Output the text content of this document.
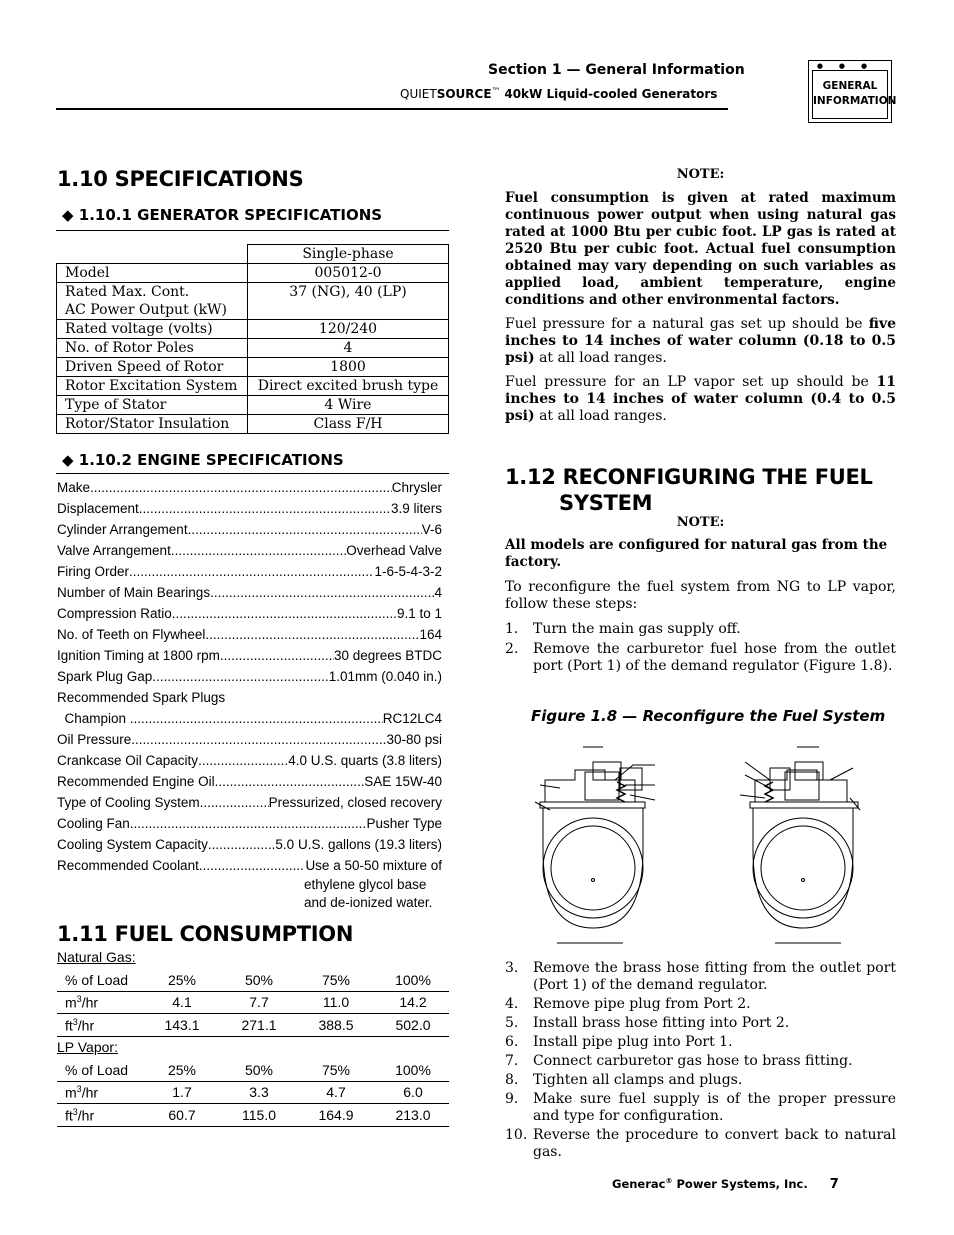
Section 1 — General Information
QUIETSOURCE™ 40kW Liquid-cooled Generators
●●●
GENERAL
INFORMATION
1.10 SPECIFICATIONS
◆ 1.10.1 GENERATOR SPECIFICATIONS
	Single-phase
Model	005012-0

Rated Max. Cont.
AC Power Output (kW)	37 (NG), 40 (LP)
Rated voltage (volts)	120/240
No. of Rotor Poles	4
Driven Speed of Rotor	1800
Rotor Excitation System	Direct excited brush type
Type of Stator	4 Wire
Rotor/Stator Insulation	Class F/H
◆ 1.10.2 ENGINE SPECIFICATIONS
Make .....	Chrysler
Displacement .....	3.9 liters
Cylinder Arrangement .....	V-6
Valve Arrangement .....	Overhead Valve
Firing Order .....	1-6-5-4-3-2
Number of Main Bearings .....	4
Compression Ratio .....	9.1 to 1
No. of Teeth on Flywheel .....	164
Ignition Timing at 1800 rpm .....	30 degrees BTDC
Spark Plug Gap .....	1.01mm (0.040 in.)
Recommended Spark Plugs
Champion .....	RC12LC4
Oil Pressure .....	30-80 psi
Crankcase Oil Capacity .....	4.0 U.S. quarts (3.8 liters)
Recommended Engine Oil .....	SAE 15W-40
Type of Cooling System .....	Pressurized, closed recovery
Cooling Fan .....	Pusher Type
Cooling System Capacity .....	5.0 U.S. gallons (19.3 liters)
Recommended Coolant .....	Use a 50-50 mixture of
ethylene glycol base
and de-ionized water.
1.11 FUEL CONSUMPTION
Natural Gas:
% of Load	25%	50%	75%	100%
$m^3/hr$	4.1	7.7	11.0	14.2
$ft^3/hr$	143.1	271.1	388.5	502.0
LP Vapor:
% of Load	25%	50%	75%	100%
$m^3/hr$	1.7	3.3	4.7	6.0
$ft^3/hr$	60.7	115.0	164.9	213.0
NOTE:
Fuel consumption is given at rated maximum continuous power output when using natural gas rated at 1000 Btu per cubic foot. LP gas is rated at 2520 Btu per cubic foot. Actual fuel consumption obtained may vary depending on such variables as applied load, ambient temperature, engine conditions and other environmental factors.
Fuel pressure for a natural gas set up should be five inches to 14 inches of water column (0.18 to 0.5 psi) at all load ranges.
Fuel pressure for an LP vapor set up should be 11 inches to 14 inches of water column (0.4 to 0.5 psi) at all load ranges.
1.12 RECONFIGURING THE FUEL
SYSTEM
NOTE:
All models are configured for natural gas from the factory.
To reconfigure the fuel system from NG to LP vapor, follow these steps:
1. Turn the main gas supply off.
2. Remove the carburetor fuel hose from the outlet port (Port 1) of the demand regulator (Figure 1.8).
Figure 1.8 — Reconfigure the Fuel System
3. Remove the brass hose fitting from the outlet port (Port 1) of the demand regulator.
4. Remove pipe plug from Port 2.
5. Install brass hose fitting into Port 2.
6. Install pipe plug into Port 1.
7. Connect carburetor gas hose to brass fitting.
8. Tighten all clamps and plugs.
9. Make sure fuel supply is of the proper pressure and type for configuration.
10. Reverse the procedure to convert back to natural gas.
Generac® Power Systems, Inc. 7
